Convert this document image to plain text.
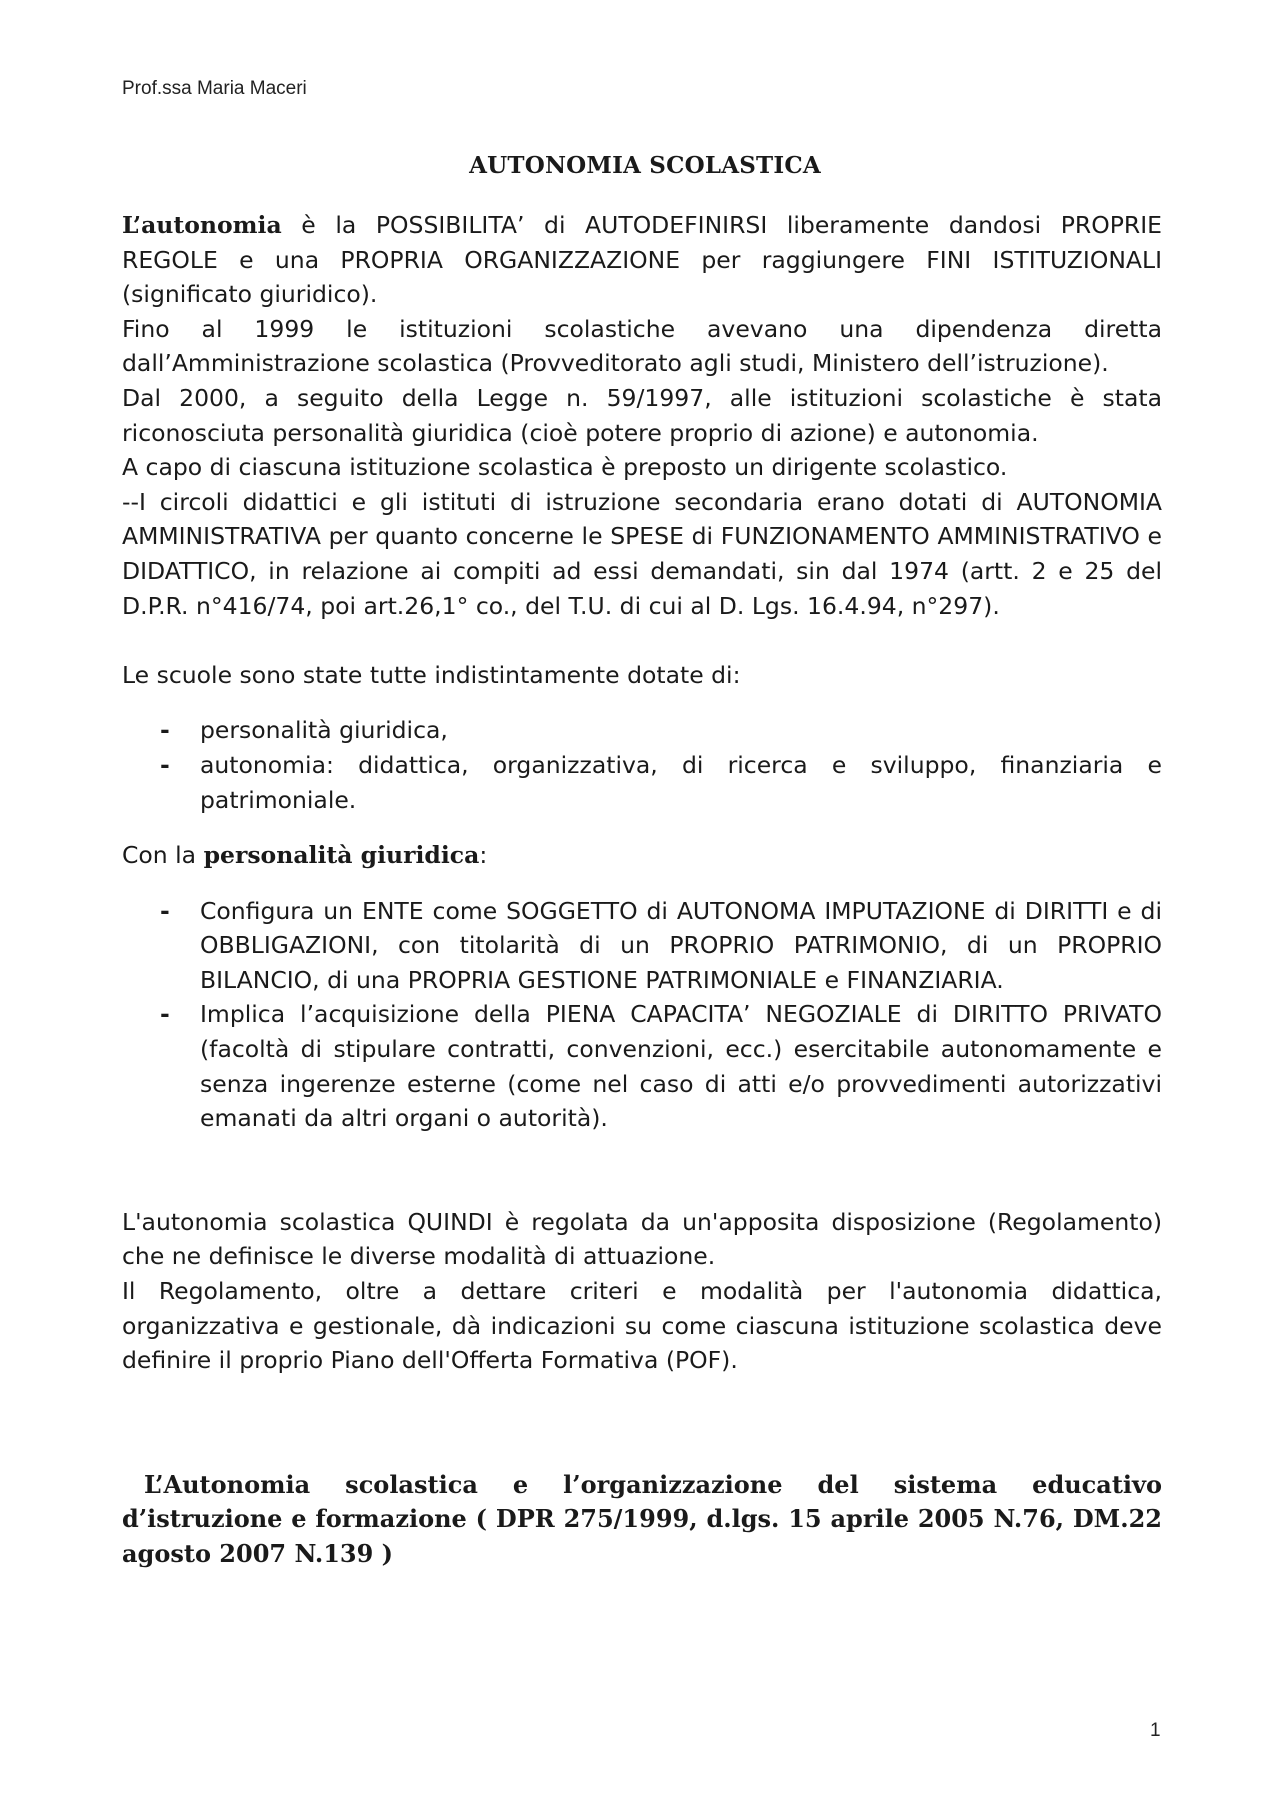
Prof.ssa Maria Maceri
AUTONOMIA SCOLASTICA

L’autonomia è la POSSIBILITA’ di AUTODEFINIRSI liberamente dandosi PROPRIE REGOLE e una PROPRIA ORGANIZZAZIONE per raggiungere FINI ISTITUZIONALI (significato giuridico).

Fino al 1999 le istituzioni scolastiche avevano una dipendenza diretta dall’Amministrazione scolastica (Provveditorato agli studi, Ministero dell’istruzione).

Dal 2000, a seguito della Legge n. 59/1997, alle istituzioni scolastiche è stata riconosciuta personalità giuridica (cioè potere proprio di azione) e autonomia.

A capo di ciascuna istituzione scolastica è preposto un dirigente scolastico.

--I circoli didattici e gli istituti di istruzione secondaria erano dotati di AUTONOMIA AMMINISTRATIVA per quanto concerne le SPESE di FUNZIONAMENTO AMMINISTRATIVO e DIDATTICO, in relazione ai compiti ad essi demandati, sin dal 1974 (artt. 2 e 25 del D.P.R. n°416/74, poi art.26,1° co., del T.U. di cui al D. Lgs. 16.4.94, n°297).

Le scuole sono state tutte indistintamente dotate di:

- personalità giuridica,
- autonomia: didattica, organizzativa, di ricerca e sviluppo, finanziaria e patrimoniale.

Con la personalità giuridica:

- Configura un ENTE come SOGGETTO di AUTONOMA IMPUTAZIONE di DIRITTI e di OBBLIGAZIONI, con titolarità di un PROPRIO PATRIMONIO, di un PROPRIO BILANCIO, di una PROPRIA GESTIONE PATRIMONIALE e FINANZIARIA.
- Implica l’acquisizione della PIENA CAPACITA’ NEGOZIALE di DIRITTO PRIVATO (facoltà di stipulare contratti, convenzioni, ecc.) esercitabile autonomamente e senza ingerenze esterne (come nel caso di atti e/o provvedimenti autorizzativi emanati da altri organi o autorità).

L'autonomia scolastica QUINDI è regolata da un'apposita disposizione (Regolamento) che ne definisce le diverse modalità di attuazione.

Il Regolamento, oltre a dettare criteri e modalità per l'autonomia didattica, organizzativa e gestionale, dà indicazioni su come ciascuna istituzione scolastica deve definire il proprio Piano dell'Offerta Formativa (POF).

L’Autonomia scolastica e l’organizzazione del sistema educativo d’istruzione e formazione ( DPR 275/1999, d.lgs. 15 aprile 2005 N.76, DM.22 agosto 2007 N.139 )

1
